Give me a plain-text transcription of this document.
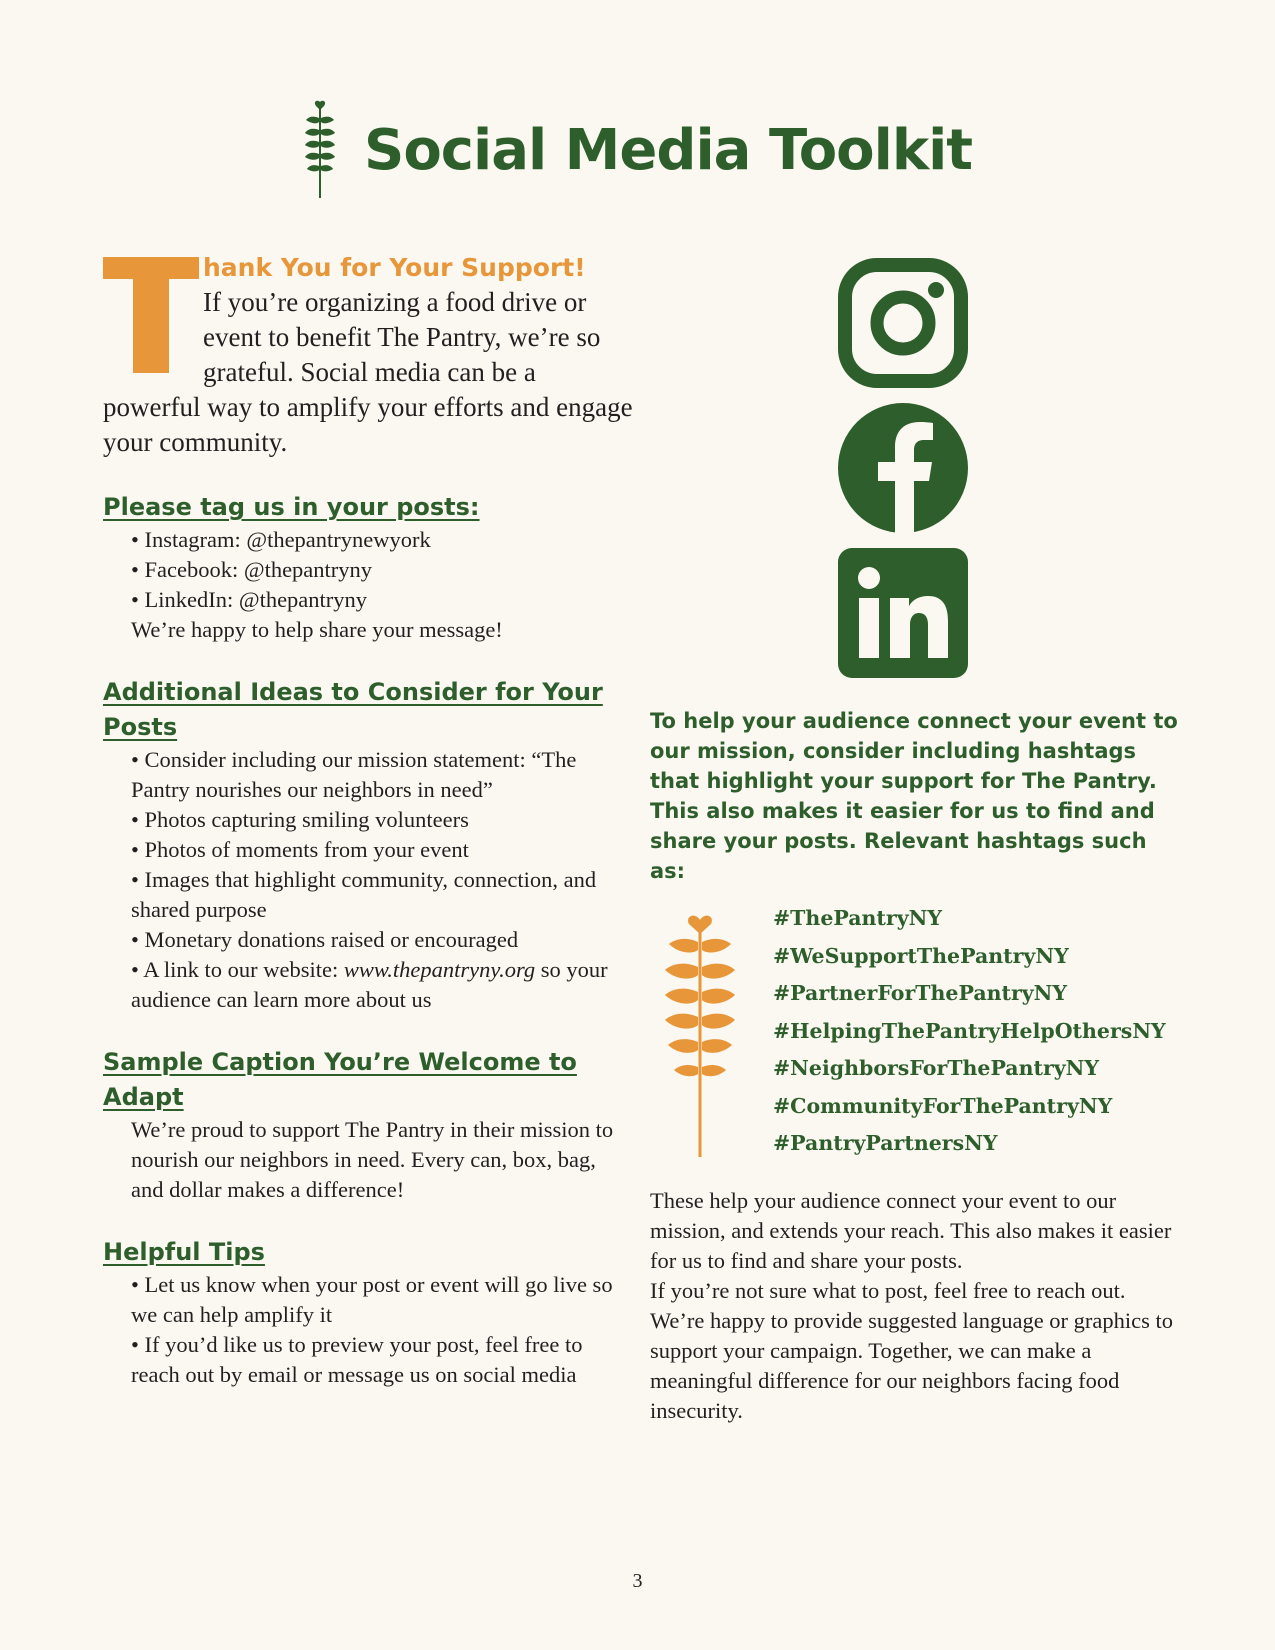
Social Media Toolkit
T	hank You for Your Support!
If you’re organizing a food drive or event to benefit The Pantry, we’re so grateful. Social media can be a powerful way to amplify your efforts and engage your community.
Please tag us in your posts:
• Instagram: @thepantrynewyork
• Facebook: @thepantryny
• LinkedIn: @thepantryny
We’re happy to help share your message!
Additional Ideas to Consider for Your Posts
• Consider including our mission statement: “The Pantry nourishes our neighbors in need”
• Photos capturing smiling volunteers
• Photos of moments from your event
• Images that highlight community, connection, and shared purpose
• Monetary donations raised or encouraged
• A link to our website: www.thepantryny.org so your audience can learn more about us
Sample Caption You’re Welcome to Adapt
We’re proud to support The Pantry in their mission to nourish our neighbors in need. Every can, box, bag, and dollar makes a difference!
Helpful Tips
• Let us know when your post or event will go live so we can help amplify it
• If you’d like us to preview your post, feel free to reach out by email or message us on social media
To help your audience connect your event to our mission, consider including hashtags that highlight your support for The Pantry. This also makes it easier for us to find and share your posts. Relevant hashtags such as:
#ThePantryNY
#WeSupportThePantryNY
#PartnerForThePantryNY
#HelpingThePantryHelpOthersNY
#NeighborsForThePantryNY
#CommunityForThePantryNY
#PantryPartnersNY
These help your audience connect your event to our mission, and extends your reach. This also makes it easier for us to find and share your posts.
If you’re not sure what to post, feel free to reach out. We’re happy to provide suggested language or graphics to support your campaign. Together, we can make a meaningful difference for our neighbors facing food insecurity.
3
